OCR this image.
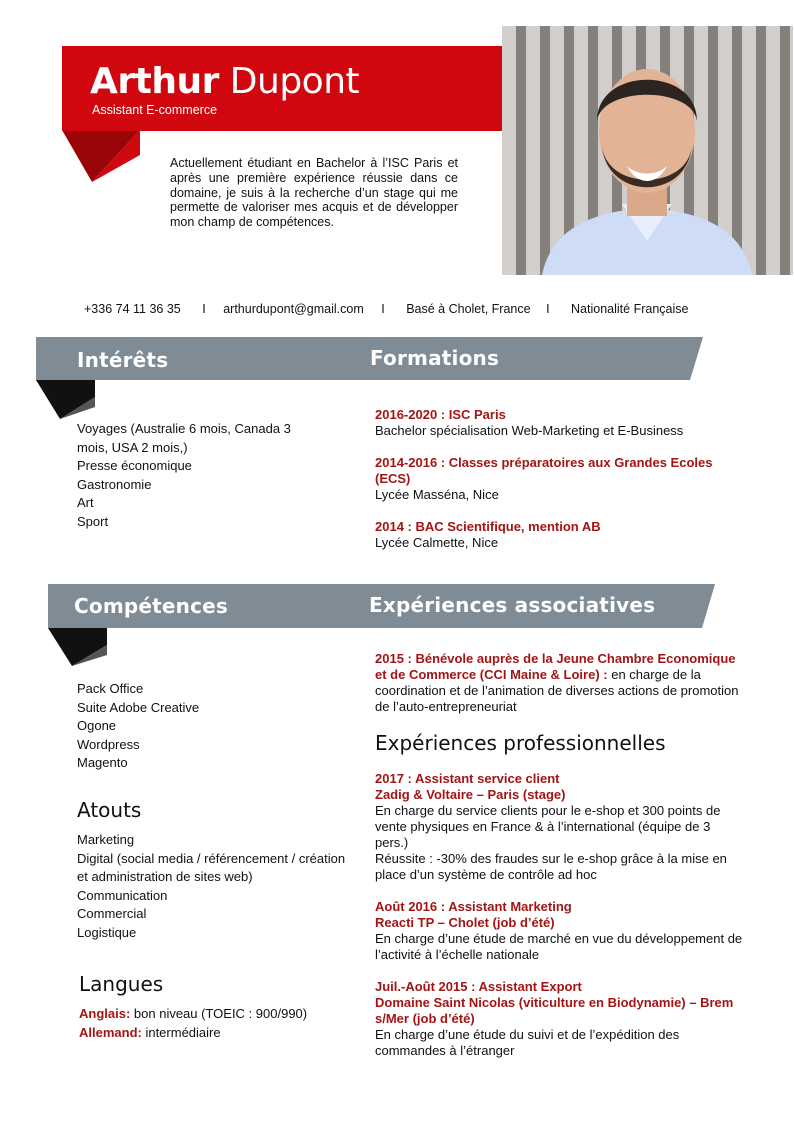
Arthur Dupont
Assistant E-commerce
Actuellement étudiant en Bachelor à l’ISC Paris et après une première expérience réussie dans ce domaine, je suis à la recherche d’un stage qui me permette de valoriser mes acquis et de développer mon champ de compétences.
+336 74 11 36 35 I arthurdupont@gmail.com I Basé à Cholet, France I Nationalité Française
Intérêts	Formations
Voyages (Australie 6 mois, Canada 3 mois, USA 2 mois,)
Presse économique
Gastronomie
Art
Sport
2016-2020 : ISC Paris
Bachelor spécialisation Web-Marketing et E-Business
2014-2016 : Classes préparatoires aux Grandes Ecoles (ECS)
Lycée Masséna, Nice
2014 : BAC Scientifique, mention AB
Lycée Calmette, Nice
Compétences	Expériences associatives
Pack Office
Suite Adobe Creative
Ogone
Wordpress
Magento
2015 : Bénévole auprès de la Jeune Chambre Economique et de Commerce (CCI Maine & Loire) : en charge de la coordination et de l’animation de diverses actions de promotion de l’auto-entrepreneuriat
Atouts
Marketing
Digital (social media / référencement / création et administration de sites web)
Communication
Commercial
Logistique
Langues
Anglais: bon niveau (TOEIC : 900/990)
Allemand: intermédiaire
Expériences professionnelles
2017 : Assistant service client
Zadig & Voltaire – Paris (stage)
En charge du service clients pour le e-shop et 300 points de vente physiques en France & à l’international (équipe de 3 pers.)
Réussite : -30% des fraudes sur le e-shop grâce à la mise en place d’un système de contrôle ad hoc
Août 2016 : Assistant Marketing
Reacti TP – Cholet (job d’été)
En charge d’une étude de marché en vue du développement de l’activité à l’échelle nationale
Juil.-Août 2015 : Assistant Export
Domaine Saint Nicolas (viticulture en Biodynamie) – Brem s/Mer (job d’été)
En charge d’une étude du suivi et de l’expédition des commandes à l’étranger
